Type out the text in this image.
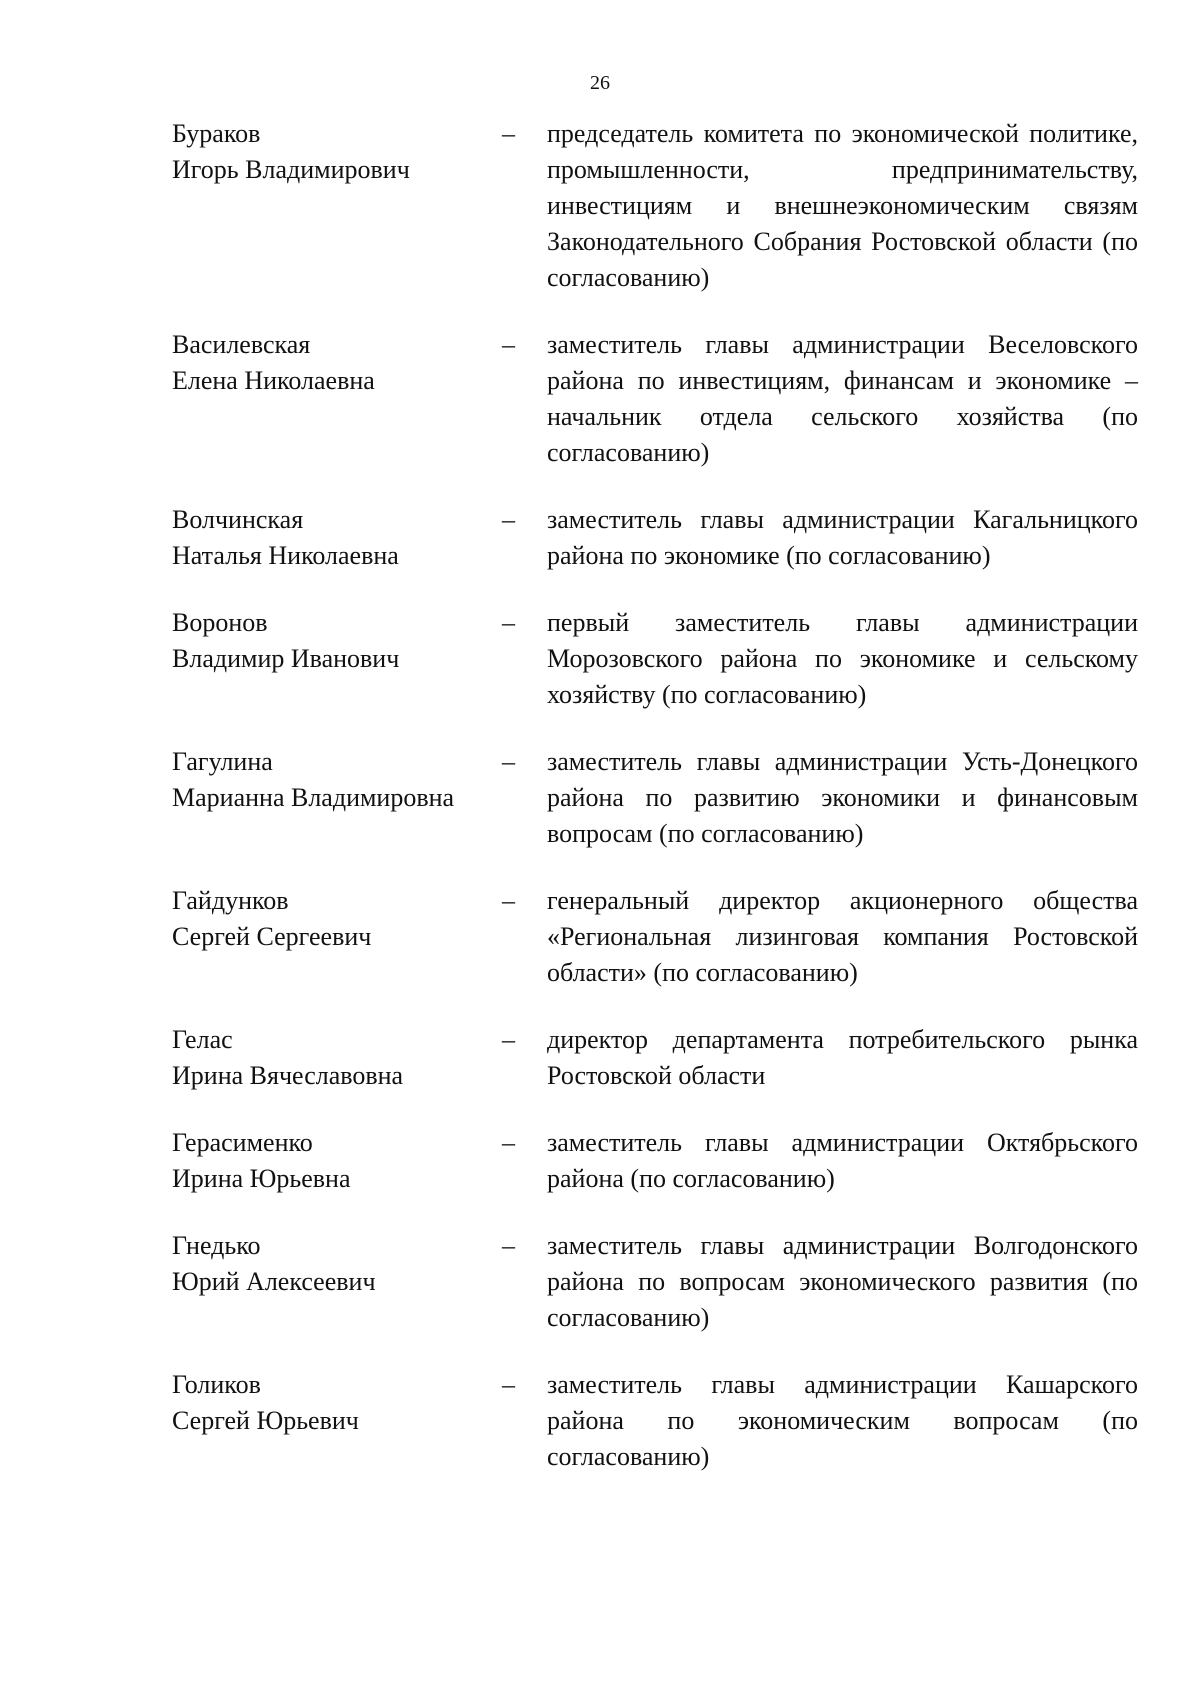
26
Бураков
Игорь Владимирович
–	председатель комитета по экономической политике, промышленности, предпринимательству, инвестициям и внешнеэкономическим связям Законодательного Собрания Ростовской области (по согласованию)
Василевская
Елена Николаевна
–	заместитель главы администрации Веселовского района по инвестициям, финансам и экономике – начальник отдела сельского хозяйства (по согласованию)
Волчинская
Наталья Николаевна
–	заместитель главы администрации Кагальницкого района по экономике (по согласованию)
Воронов
Владимир Иванович
–	первый заместитель главы администрации Морозовского района по экономике и сельскому хозяйству (по согласованию)
Гагулина
Марианна Владимировна
–	заместитель главы администрации Усть-Донецкого района по развитию экономики и финансовым вопросам (по согласованию)
Гайдунков
Сергей Сергеевич
–	генеральный директор акционерного общества «Региональная лизинговая компания Ростовской области» (по согласованию)
Гелас
Ирина Вячеславовна
–	директор департамента потребительского рынка Ростовской области
Герасименко
Ирина Юрьевна
–	заместитель главы администрации Октябрьского района (по согласованию)
Гнедько
Юрий Алексеевич
–	заместитель главы администрации Волгодонского района по вопросам экономического развития (по согласованию)
Голиков
Сергей Юрьевич
–	заместитель главы администрации Кашарского района по экономическим вопросам (по согласованию)
